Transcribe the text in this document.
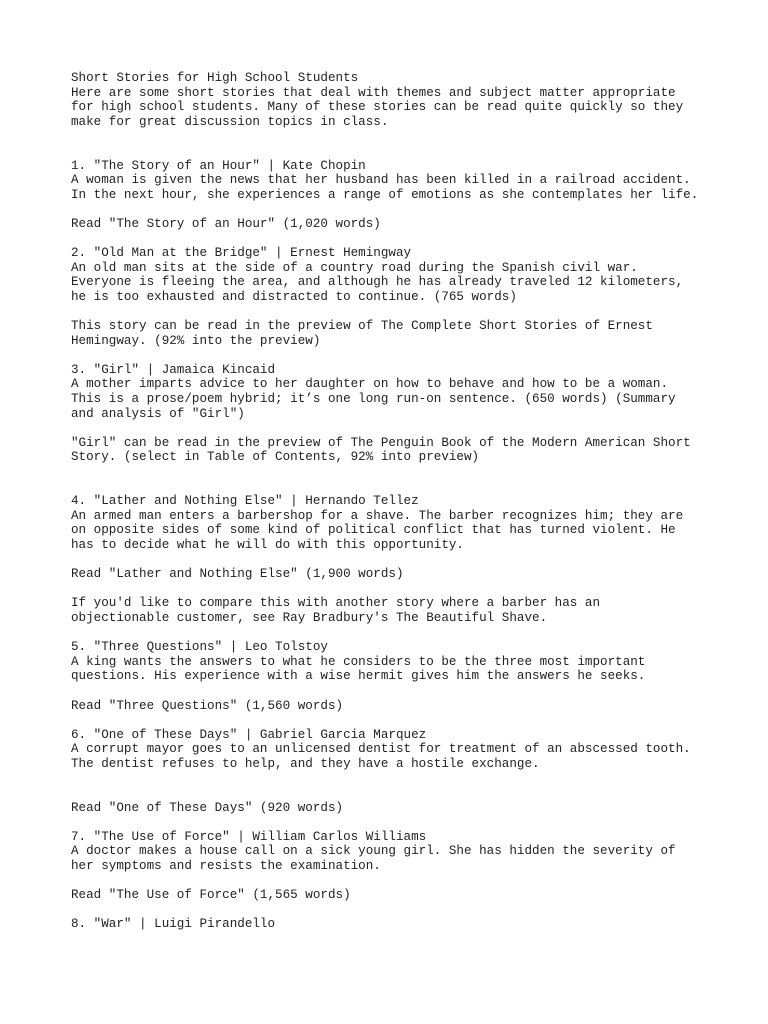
Short Stories for High School Students
Here are some short stories that deal with themes and subject matter appropriate
for high school students. Many of these stories can be read quite quickly so they
make for great discussion topics in class.
1. "The Story of an Hour" | Kate Chopin
A woman is given the news that her husband has been killed in a railroad accident.
In the next hour, she experiences a range of emotions as she contemplates her life.
Read "The Story of an Hour" (1,020 words)
2. "Old Man at the Bridge" | Ernest Hemingway
An old man sits at the side of a country road during the Spanish civil war.
Everyone is fleeing the area, and although he has already traveled 12 kilometers,
he is too exhausted and distracted to continue. (765 words)
This story can be read in the preview of The Complete Short Stories of Ernest
Hemingway. (92% into the preview)
3. "Girl" | Jamaica Kincaid
A mother imparts advice to her daughter on how to behave and how to be a woman.
This is a prose/poem hybrid; it’s one long run-on sentence. (650 words) (Summary
and analysis of "Girl")
"Girl" can be read in the preview of The Penguin Book of the Modern American Short
Story. (select in Table of Contents, 92% into preview)
4. "Lather and Nothing Else" | Hernando Tellez
An armed man enters a barbershop for a shave. The barber recognizes him; they are
on opposite sides of some kind of political conflict that has turned violent. He
has to decide what he will do with this opportunity.
Read "Lather and Nothing Else" (1,900 words)
If you'd like to compare this with another story where a barber has an
objectionable customer, see Ray Bradbury's The Beautiful Shave.
5. "Three Questions" | Leo Tolstoy
A king wants the answers to what he considers to be the three most important
questions. His experience with a wise hermit gives him the answers he seeks.
Read "Three Questions" (1,560 words)
6. "One of These Days" | Gabriel Garcia Marquez
A corrupt mayor goes to an unlicensed dentist for treatment of an abscessed tooth.
The dentist refuses to help, and they have a hostile exchange.
Read "One of These Days" (920 words)
7. "The Use of Force" | William Carlos Williams
A doctor makes a house call on a sick young girl. She has hidden the severity of
her symptoms and resists the examination.
Read "The Use of Force" (1,565 words)
8. "War" | Luigi Pirandello
